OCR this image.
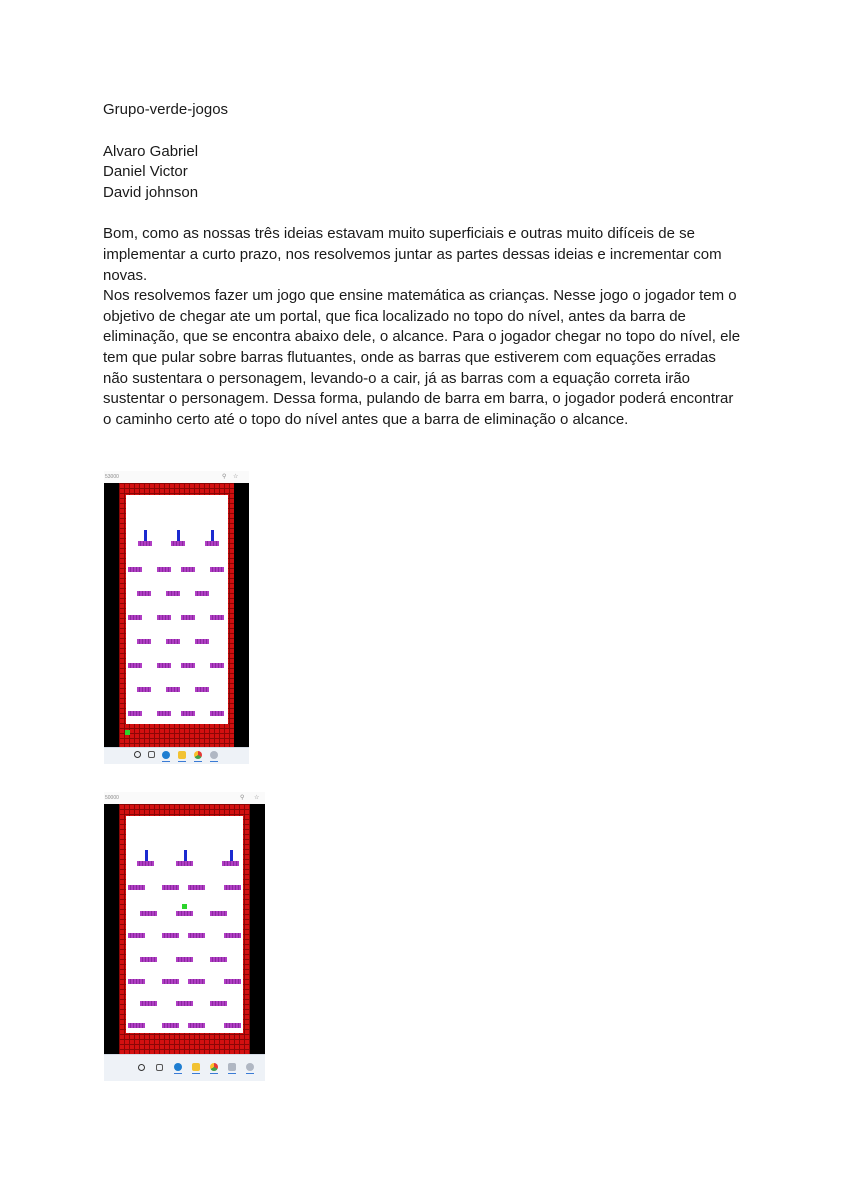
Grupo-verde-jogos

Alvaro Gabriel
Daniel Victor
David johnson

Bom, como as nossas três ideias estavam muito superficiais e outras muito difíceis de se implementar a curto prazo, nos resolvemos juntar as partes dessas ideias e incrementar com novas.

Nos resolvemos fazer um jogo que ensine matemática as crianças. Nesse jogo o jogador tem o objetivo de chegar ate um portal, que fica localizado no topo do nível, antes da barra de eliminação, que se encontra abaixo dele, o alcance. Para o jogador chegar no topo do nível, ele tem que pular sobre barras flutuantes, onde as barras que estiverem com equações erradas não sustentara o personagem, levando-o a cair, já as barras com a equação correta irão sustentar o personagem. Dessa forma, pulando de barra em barra, o jogador poderá encontrar o caminho certo até o topo do nível antes que a barra de eliminação o alcance.

53000	⚲ ☆
50000	⚲ ☆
